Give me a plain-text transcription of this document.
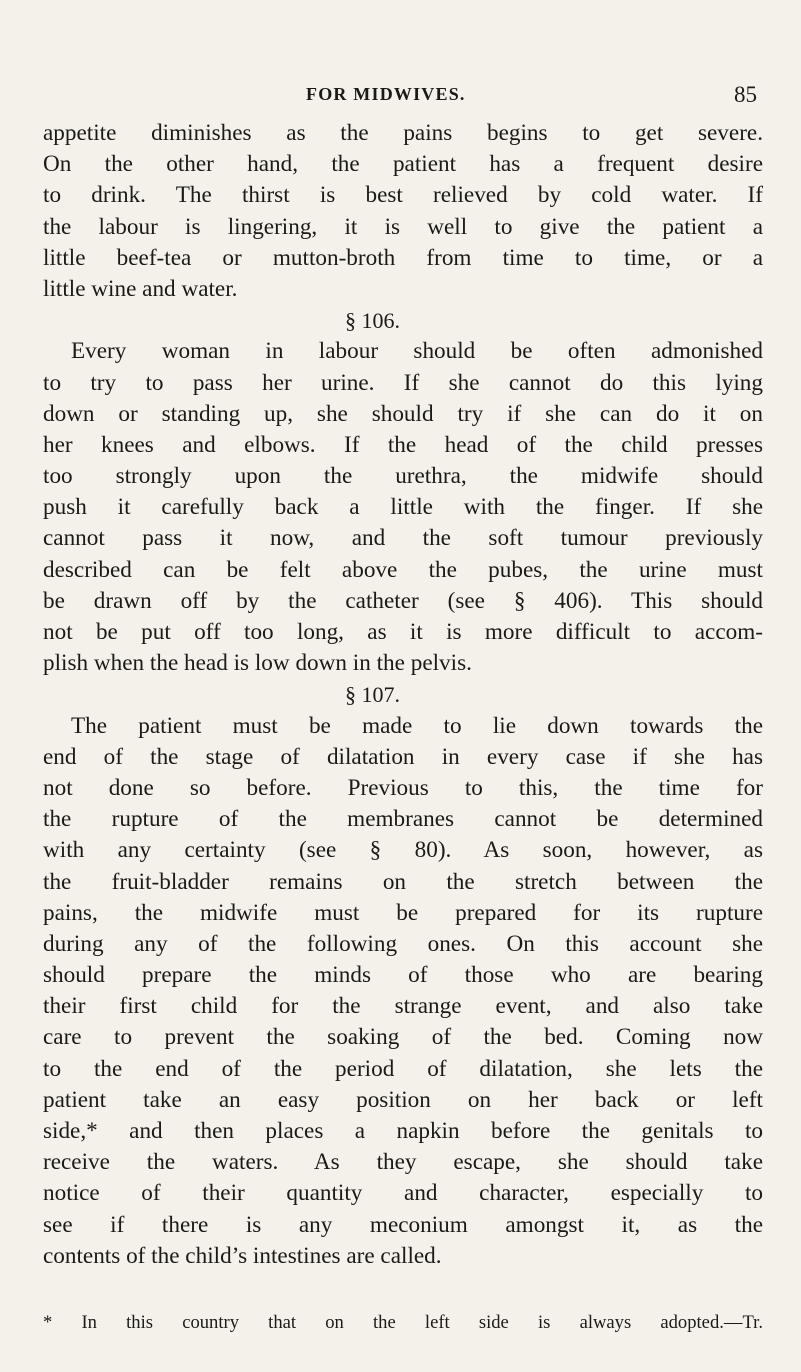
FOR MIDWIVES.	85
appetite diminishes as the pains begins to get severe.
On the other hand, the patient has a frequent desire
to drink. The thirst is best relieved by cold water. If
the labour is lingering, it is well to give the patient a
little beef-tea or mutton-broth from time to time, or a
little wine and water.
§ 106.
Every woman in labour should be often admonished
to try to pass her urine. If she cannot do this lying
down or standing up, she should try if she can do it on
her knees and elbows. If the head of the child presses
too strongly upon the urethra, the midwife should
push it carefully back a little with the finger. If she
cannot pass it now, and the soft tumour previously
described can be felt above the pubes, the urine must
be drawn off by the catheter (see § 406). This should
not be put off too long, as it is more difficult to accom-
plish when the head is low down in the pelvis.
§ 107.
The patient must be made to lie down towards the
end of the stage of dilatation in every case if she has
not done so before. Previous to this, the time for
the rupture of the membranes cannot be determined
with any certainty (see § 80). As soon, however, as
the fruit-bladder remains on the stretch between the
pains, the midwife must be prepared for its rupture
during any of the following ones. On this account she
should prepare the minds of those who are bearing
their first child for the strange event, and also take
care to prevent the soaking of the bed. Coming now
to the end of the period of dilatation, she lets the
patient take an easy position on her back or left
side,* and then places a napkin before the genitals to
receive the waters. As they escape, she should take
notice of their quantity and character, especially to
see if there is any meconium amongst it, as the
contents of the child’s intestines are called.
* In this country that on the left side is always adopted.—Tr.
